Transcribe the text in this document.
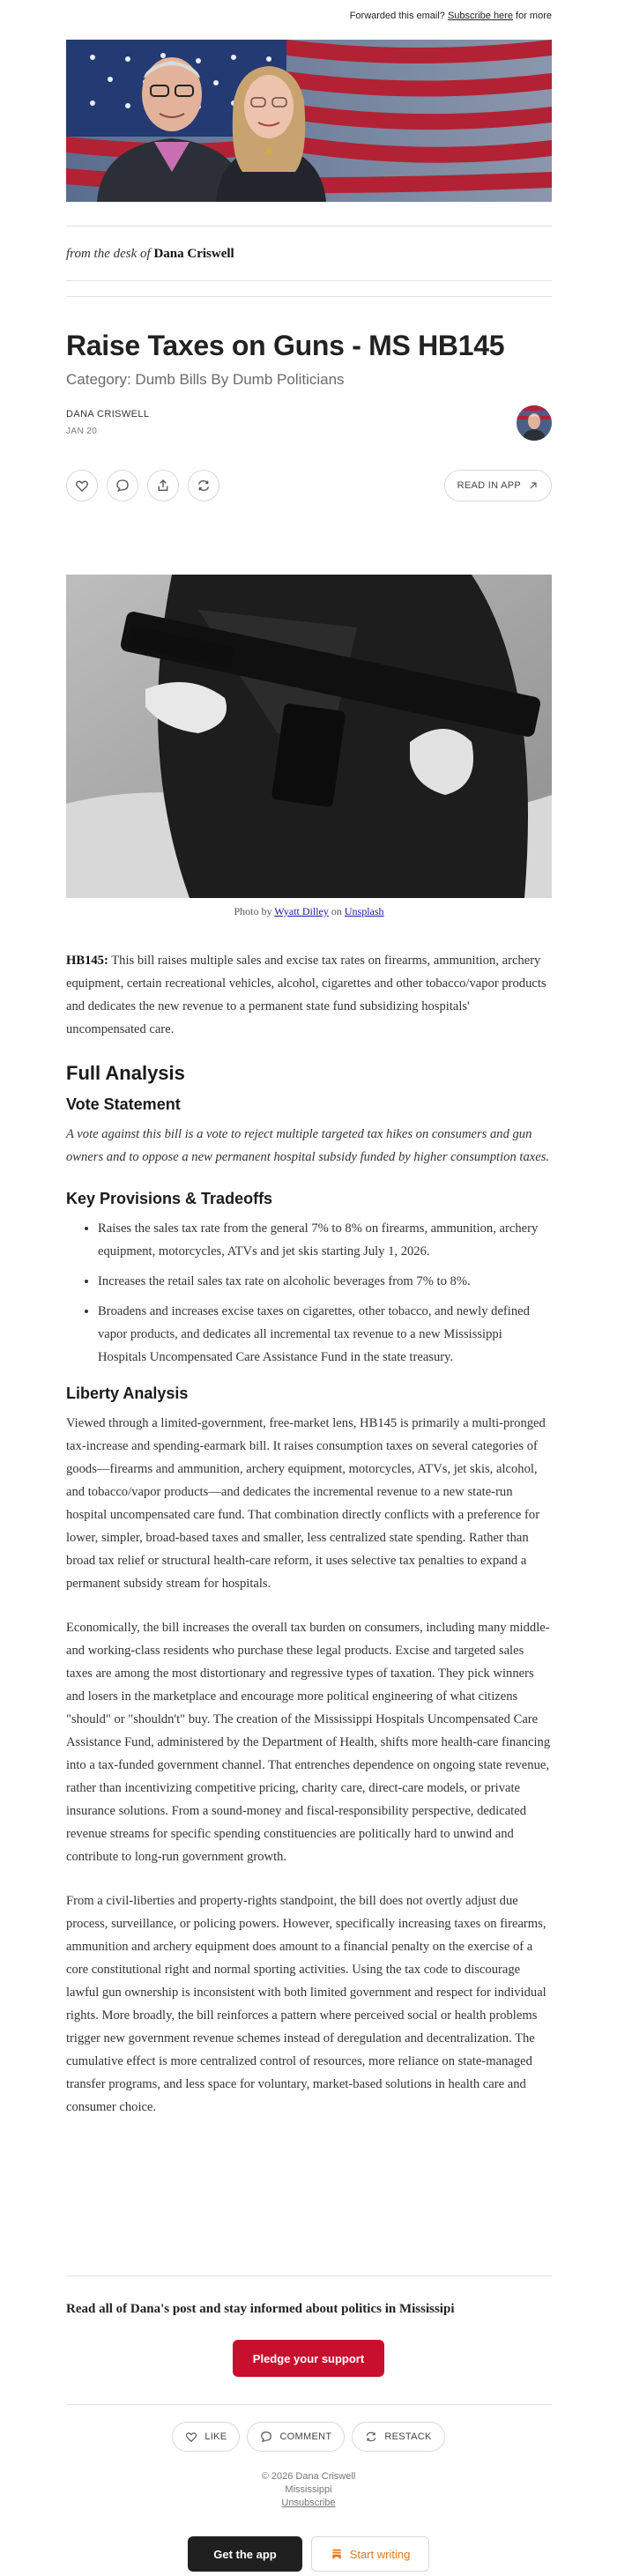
Forwarded this email? Subscribe here for more
from the desk of Dana Criswell
Raise Taxes on Guns - MS HB145
Category: Dumb Bills By Dumb Politicians
DANA CRISWELL
JAN 20
READ IN APP
Photo by Wyatt Dilley on Unsplash

HB145: This bill raises multiple sales and excise tax rates on firearms, ammunition, archery equipment, certain recreational vehicles, alcohol, cigarettes and other tobacco/vapor products and dedicates the new revenue to a permanent state fund subsidizing hospitals' uncompensated care.

Full Analysis
Vote Statement

A vote against this bill is a vote to reject multiple targeted tax hikes on consumers and gun owners and to oppose a new permanent hospital subsidy funded by higher consumption taxes.

Key Provisions & Tradeoffs
• Raises the sales tax rate from the general 7% to 8% on firearms, ammunition, archery equipment, motorcycles, ATVs and jet skis starting July 1, 2026.
• Increases the retail sales tax rate on alcoholic beverages from 7% to 8%.
• Broadens and increases excise taxes on cigarettes, other tobacco, and newly defined vapor products, and dedicates all incremental tax revenue to a new Mississippi Hospitals Uncompensated Care Assistance Fund in the state treasury.
Liberty Analysis

Viewed through a limited-government, free-market lens, HB145 is primarily a multi-pronged tax-increase and spending-earmark bill. It raises consumption taxes on several categories of goods—firearms and ammunition, archery equipment, motorcycles, ATVs, jet skis, alcohol, and tobacco/vapor products—and dedicates the incremental revenue to a new state-run hospital uncompensated care fund. That combination directly conflicts with a preference for lower, simpler, broad-based taxes and smaller, less centralized state spending. Rather than broad tax relief or structural health-care reform, it uses selective tax penalties to expand a permanent subsidy stream for hospitals.

Economically, the bill increases the overall tax burden on consumers, including many middle- and working-class residents who purchase these legal products. Excise and targeted sales taxes are among the most distortionary and regressive types of taxation. They pick winners and losers in the marketplace and encourage more political engineering of what citizens "should" or "shouldn't" buy. The creation of the Mississippi Hospitals Uncompensated Care Assistance Fund, administered by the Department of Health, shifts more health-care financing into a tax-funded government channel. That entrenches dependence on ongoing state revenue, rather than incentivizing competitive pricing, charity care, direct-care models, or private insurance solutions. From a sound-money and fiscal-responsibility perspective, dedicated revenue streams for specific spending constituencies are politically hard to unwind and contribute to long-run government growth.

From a civil-liberties and property-rights standpoint, the bill does not overtly adjust due process, surveillance, or policing powers. However, specifically increasing taxes on firearms, ammunition and archery equipment does amount to a financial penalty on the exercise of a core constitutional right and normal sporting activities. Using the tax code to discourage lawful gun ownership is inconsistent with both limited government and respect for individual rights. More broadly, the bill reinforces a pattern where perceived social or health problems trigger new government revenue schemes instead of deregulation and decentralization. The cumulative effect is more centralized control of resources, more reliance on state-managed transfer programs, and less space for voluntary, market-based solutions in health care and consumer choice.

Read all of Dana's post and stay informed about politics in Mississipi
Pledge your support
LIKE	COMMENT	RESTACK
© 2026 Dana Criswell
Mississippi
Unsubscribe
Get the app	Start writing
